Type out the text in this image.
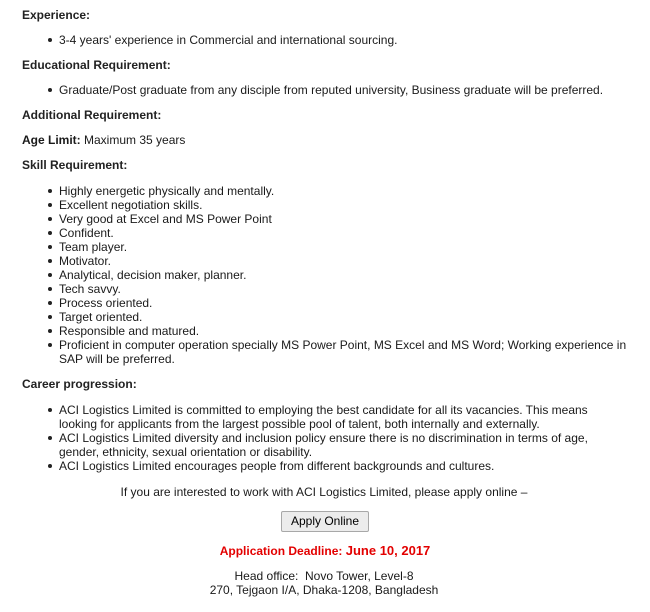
Experience:

3-4 years' experience in Commercial and international sourcing.

Educational Requirement:

Graduate/Post graduate from any disciple from reputed university, Business graduate will be preferred.

Additional Requirement:

Age Limit: Maximum 35 years

Skill Requirement:

Highly energetic physically and mentally.
Excellent negotiation skills.
Very good at Excel and MS Power Point
Confident.
Team player.
Motivator.
Analytical, decision maker, planner.
Tech savvy.
Process oriented.
Target oriented.
Responsible and matured.
Proficient in computer operation specially MS Power Point, MS Excel and MS Word; Working experience in SAP will be preferred.

Career progression:

ACI Logistics Limited is committed to employing the best candidate for all its vacancies. This means looking for applicants from the largest possible pool of talent, both internally and externally.
ACI Logistics Limited diversity and inclusion policy ensure there is no discrimination in terms of age, gender, ethnicity, sexual orientation or disability.
ACI Logistics Limited encourages people from different backgrounds and cultures.

If you are interested to work with ACI Logistics Limited, please apply online –

Apply Online

Application Deadline: June 10, 2017

Head office:  Novo Tower, Level-8

270, Tejgaon I/A, Dhaka-1208, Bangladesh
